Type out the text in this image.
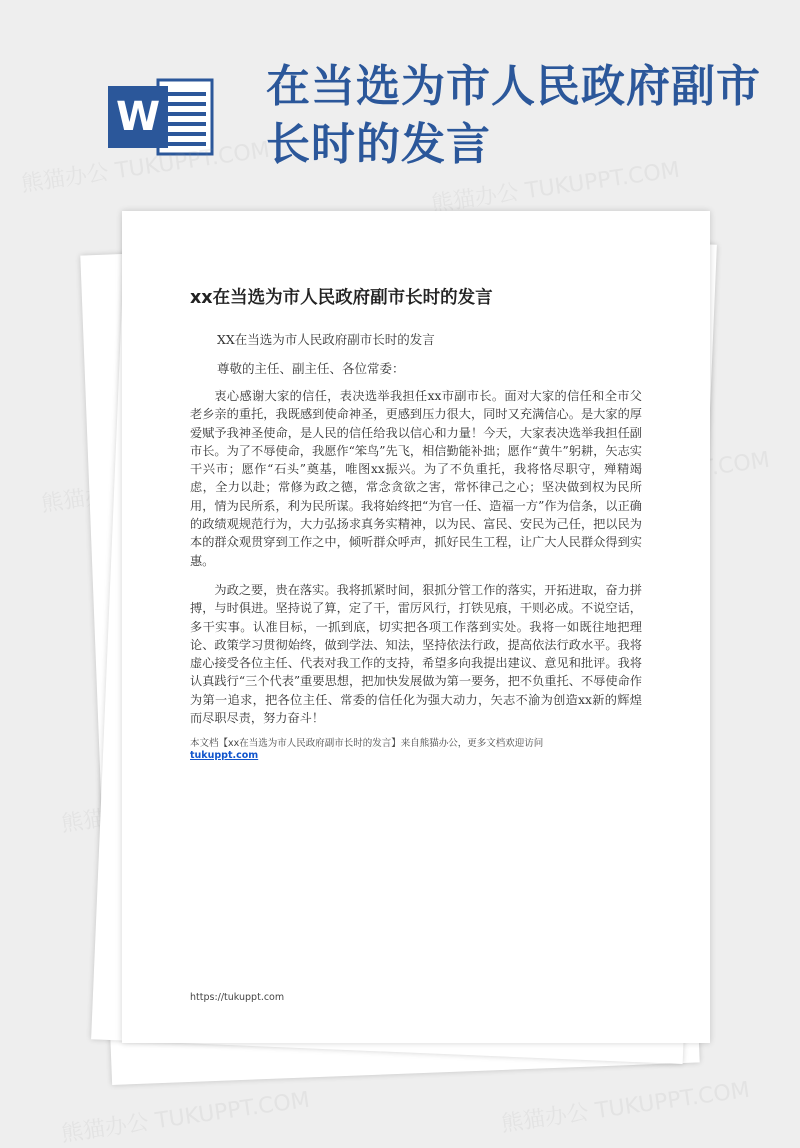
W
在当选为市人民政府副市长时的发言
熊猫办公 TUKUPPT.COM	熊猫办公 TUKUPPT.COM
熊猫办公
熊猫办公 TUKUPPT.COM	熊猫办公 TUKUPPT.COM
xx在当选为市人民政府副市长时的发言
XX在当选为市人民政府副市长时的发言
尊敬的主任、副主任、各位常委：

衷心感谢大家的信任，表决选举我担任xx市副市长。面对大家的信任和全市父老乡亲的重托，我既感到使命神圣，更感到压力很大，同时又充满信心。是大家的厚爱赋予我神圣使命，是人民的信任给我以信心和力量！今天，大家表决选举我担任副市长。为了不辱使命，我愿作“笨鸟”先飞，相信勤能补拙；愿作“黄牛”躬耕，矢志实干兴市；愿作“石头”奠基，唯图xx振兴。为了不负重托，我将恪尽职守，殚精竭虑，全力以赴；常修为政之德，常念贪欲之害，常怀律己之心；坚决做到权为民所用，情为民所系，利为民所谋。我将始终把“为官一任、造福一方”作为信条，以正确的政绩观规范行为，大力弘扬求真务实精神，以为民、富民、安民为己任，把以民为本的群众观贯穿到工作之中，倾听群众呼声，抓好民生工程，让广大人民群众得到实惠。

为政之要，贵在落实。我将抓紧时间，狠抓分管工作的落实，开拓进取，奋力拼搏，与时俱进。坚持说了算，定了干，雷厉风行，打铁见痕，干则必成。不说空话，多干实事。认准目标，一抓到底，切实把各项工作落到实处。我将一如既往地把理论、政策学习贯彻始终，做到学法、知法，坚持依法行政，提高依法行政水平。我将虚心接受各位主任、代表对我工作的支持，希望多向我提出建议、意见和批评。我将认真践行“三个代表”重要思想，把加快发展做为第一要务，把不负重托、不辱使命作为第一追求，把各位主任、常委的信任化为强大动力，矢志不渝为创造xx新的辉煌而尽职尽责，努力奋斗！

本文档【xx在当选为市人民政府副市长时的发言】来自熊猫办公，更多文档欢迎访问
tukuppt.com
https://tukuppt.com
